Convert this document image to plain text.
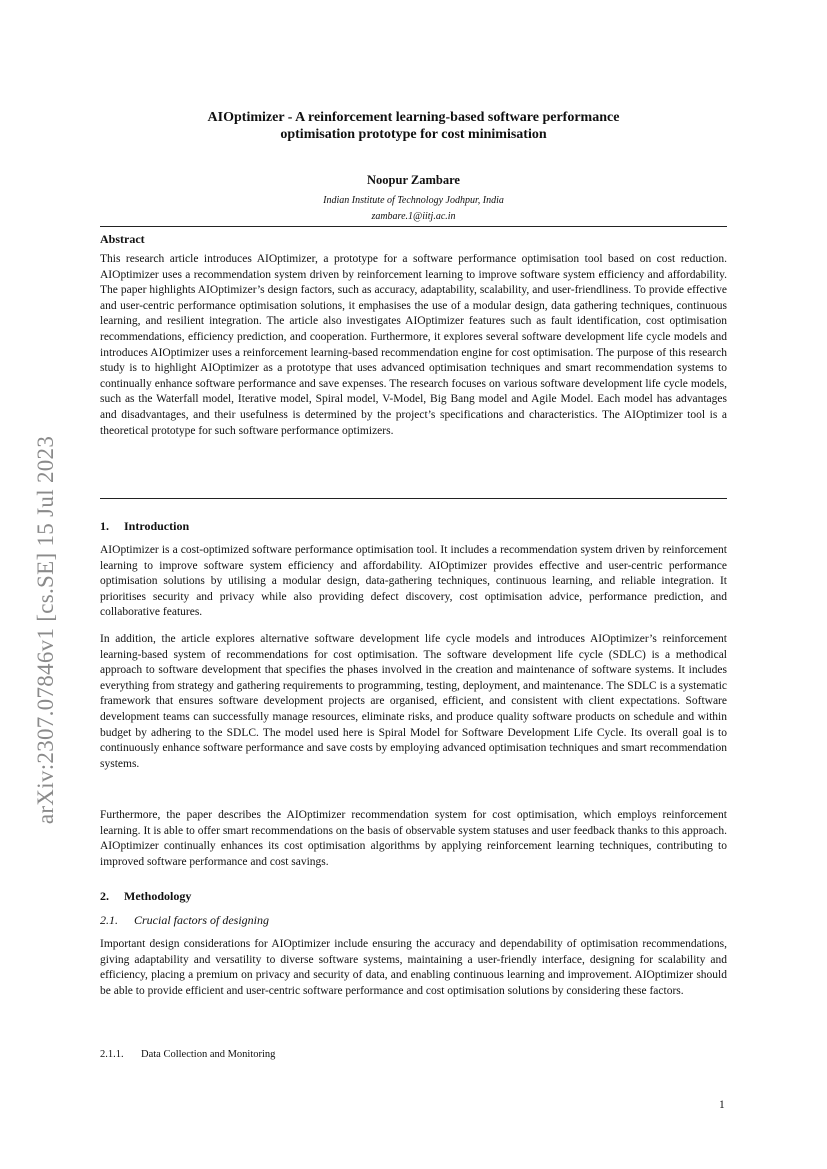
arXiv:2307.07846v1 [cs.SE] 15 Jul 2023
AIOptimizer - A reinforcement learning-based software performance
optimisation prototype for cost minimisation
Noopur Zambare
Indian Institute of Technology Jodhpur, India
zambare.1@iitj.ac.in
Abstract

This research article introduces AIOptimizer, a prototype for a software performance optimisation tool based on cost reduction. AIOptimizer uses a recommendation system driven by reinforcement learning to improve software system efficiency and affordability. The paper highlights AIOptimizer’s design factors, such as accuracy, adaptability, scalability, and user-friendliness. To provide effective and user-centric performance optimisation solutions, it emphasises the use of a modular design, data gathering techniques, continuous learning, and resilient integration. The article also investigates AIOptimizer features such as fault identification, cost optimisation recommendations, efficiency prediction, and cooperation. Furthermore, it explores several software development life cycle models and introduces AIOptimizer uses a reinforcement learning-based recommendation engine for cost optimisation. The purpose of this research study is to highlight AIOptimizer as a prototype that uses advanced optimisation techniques and smart recommendation systems to continually enhance software performance and save expenses. The research focuses on various software development life cycle models, such as the Waterfall model, Iterative model, Spiral model, V-Model, Big Bang model and Agile Model. Each model has advantages and disadvantages, and their usefulness is determined by the project’s specifications and characteristics. The AIOptimizer tool is a theoretical prototype for such software performance optimizers.

1. Introduction

AIOptimizer is a cost-optimized software performance optimisation tool. It includes a recommendation system driven by reinforcement learning to improve software system efficiency and affordability. AIOptimizer provides effective and user-centric performance optimisation solutions by utilising a modular design, data-gathering techniques, continuous learning, and reliable integration. It prioritises security and privacy while also providing defect discovery, cost optimisation advice, performance prediction, and collaborative features.

In addition, the article explores alternative software development life cycle models and introduces AIOptimizer’s reinforcement learning-based system of recommendations for cost optimisation. The software development life cycle (SDLC) is a methodical approach to software development that specifies the phases involved in the creation and maintenance of software systems. It includes everything from strategy and gathering requirements to programming, testing, deployment, and maintenance. The SDLC is a systematic framework that ensures software development projects are organised, efficient, and consistent with client expectations. Software development teams can successfully manage resources, eliminate risks, and produce quality software products on schedule and within budget by adhering to the SDLC. The model used here is Spiral Model for Software Development Life Cycle. Its overall goal is to continuously enhance software performance and save costs by employing advanced optimisation techniques and smart recommendation systems.

Furthermore, the paper describes the AIOptimizer recommendation system for cost optimisation, which employs reinforcement learning. It is able to offer smart recommendations on the basis of observable system statuses and user feedback thanks to this approach. AIOptimizer continually enhances its cost optimisation algorithms by applying reinforcement learning techniques, contributing to improved software performance and cost savings.

2. Methodology
2.1. Crucial factors of designing

Important design considerations for AIOptimizer include ensuring the accuracy and dependability of optimisation recommendations, giving adaptability and versatility to diverse software systems, maintaining a user-friendly interface, designing for scalability and efficiency, placing a premium on privacy and security of data, and enabling continuous learning and improvement. AIOptimizer should be able to provide efficient and user-centric software performance and cost optimisation solutions by considering these factors.

2.1.1. Data Collection and Monitoring
1
